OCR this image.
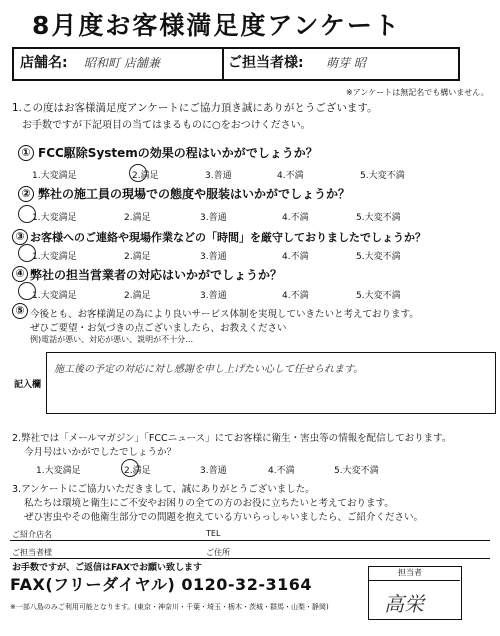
8月度お客様満足度アンケート
店舗名: 昭和町 店舗兼	ご担当者様: 萌芽 昭
※アンケートは無記名でも構いません。
1.この度はお客様満足度アンケートにご協力頂き誠にありがとうございます。
お手数ですが下記項目の当てはまるものに○をおつけください。
FCC駆除Systemの効果の程はいかがでしょうか？
①
1.大変満足	2.満足	3.普通	4.不満	5.大変不満
弊社の施工員の現場での態度や服装はいかがでしょうか？
②
1.大変満足	2.満足	3.普通	4.不満	5.大変不満
お客様へのご連絡や現場作業などの「時間」を厳守しておりましたでしょうか？
③
1.大変満足	2.満足	3.普通	4.不満	5.大変不満
弊社の担当営業者の対応はいかがでしょうか？
④
1.大変満足	2.満足	3.普通	4.不満	5.大変不満
⑤ 今後とも、お客様満足の為により良いサービス体制を実現していきたいと考えております。
ぜひご要望・お気づきの点ございましたら、お教えください
例)電話が悪い、対応が悪い、説明が不十分…
記入欄
施工後の予定の対応に対し感謝を申し上げたい心して任せられます。
2.弊社では「メールマガジン」「FCCニュース」にてお客様に衛生・害虫等の情報を配信しております。
今月号はいかがでしたでしょうか？
1.大変満足	2.満足	3.普通	4.不満	5.大変不満
3.アンケートにご協力いただきまして、誠にありがとうございました。
私たちは環境と衛生にご不安やお困りの全ての方のお役に立ちたいと考えております。
ぜひ害虫やその他衛生部分での問題を抱えている方いらっしゃいましたら、ご紹介ください。
ご紹介店名	TEL
ご担当者様	ご住所
お手数ですが、ご返信はFAXでお願い致します
FAX(フリーダイヤル) 0120-32-3164
※一部八島のみご利用可能となります。(東京・神奈川・千葉・埼玉・栃木・茨城・群馬・山梨・静岡)
担当者
高栄
